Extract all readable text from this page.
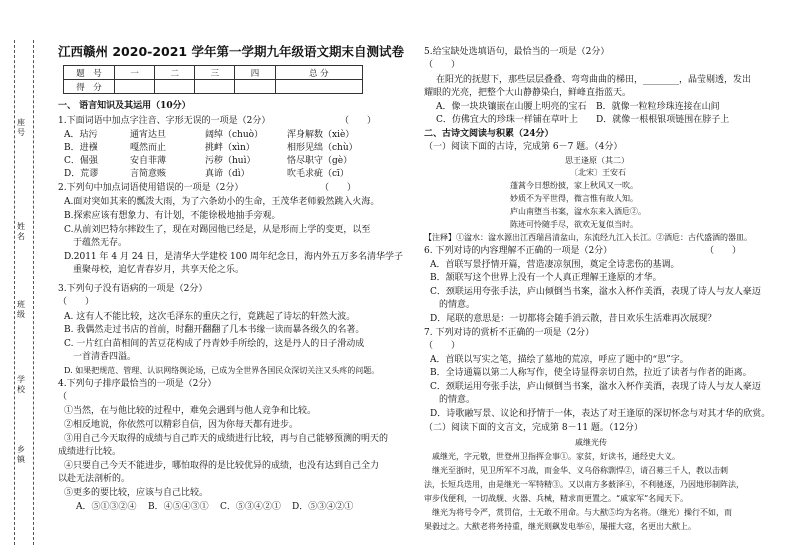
座号
姓名
班级
学校
乡镇
江西赣州 2020-2021 学年第一学期九年级语文期末自测试卷
题　号	一	二	三	四	总 分
得　分					
一、 语言知识及其运用（10分）
1.下面词语中加点字注音、字形无误的一项是（2分）	（　　）
A．玷污	通宵达旦	阔绰（chuò）	浑身解数（xiè）
B．进襁	嘎然而止	挑衅（xìn）	相形见绌（chù）
C．倔强	安自菲薄	污秽（huì）	恪尽职守（gè）
D．荒谬	言简意赅	真谛（dì）	吹毛求疵（cī）
2.下列句中加点词语使用错误的一项是（2分）	（　　）
A.面对突如其来的瓢泼大雨，为了六条幼小的生命，王茂华老师毅然跳入火海。
B.探索应该有想象力、有计划，不能徐极地抽手旁观。
C.从前刘巴特尔摔跤生了，现在对踢园他已经是，从是形而上学的变更，以至
　于蕴然无存。
D.2011 年 4 月 24 日，是清华大学建校 100 周年纪念日，海内外五万多名清华学子
　重聚母校，追忆青春岁月，共享天伦之乐。
3.下列句子没有语病的一项是（2分）
（　　）
A. 这有人不能比较，这次毛泽东的重庆之行，竟跳起了诗坛的轩然大波。
B. 我偶然走过书店的首前，时翻开翻翻了几本书缘一读而暴各级久的名著。
C. 一片红白苗相间的苦豆花构成了丹青妙手所绘的，这是丹人的日子滑动成
　一首清香四溢。
D. 如果把规范、管理、认识网络舆论场，已成为全世界各国民众深切关注又头疼的问题。
4.下列句子排序最恰当的一项是（2分）
（
①当然，在与他比较的过程中，难免会遇到与他人竞争和比较。
②相反地说，你依然可以精彩自信，因为你每天都有进步。
③用自己今天取得的成绩与自己昨天的成绩进行比较，再与自己能够预测的明天的
成绩进行比较。
④只要自己今天不能进步，哪怕取得的是比较优异的成绩，也没有达到自己全力
以赴无法剖析的。
⑤更多的要比较，应该与自己比较。
A．⑤①③②④ B．④⑤④③① C．⑤③④②① D．⑤③④②①
5.给宝缺处选填语句，最恰当的一项是（2分）
（　　）
在阳光的抚慰下，那些层层叠叠、弯弯曲曲的梯田，________，晶莹剔透，发出
耀眼的光亮，把整个大山静静染白，鲜峰直指蓝天。
A．像一块块镶嵌在山腰上明亮的宝石 B．就像一粒粒珍珠连接在山间
C．仿佛宜大的珍珠一样铺在草叶上 D．就像一根根银项链围在脖子上
二、古诗文阅读与积累（24分）
（一）阅读下面的古诗，完成第 6－7 题。（4分）
思王逢原（其二）
〔北宋〕王安石
蓬蒿今日想纷披，家上秋风又一吹。
妙质不为平世得，微言惟有故人知。
庐山南堕当书案，湓水东来入酒卮②。
陈迹可怜随手尽，欲欢无复似当时。
【注释】①湓水：湓水源出江西瑞昌清盆山，东流经九江入长江。②酒卮：古代盛酒的器皿。
6. 下列对诗的内容理解不正确的一项是（2分）	（　　）
A．首联写景抒情开篇，营造凄凉氛围，奠定全诗悲伤的基调。
B．颔联写这个世界上没有一个人真正理解王逢原的才华。
C．颈联运用夸张手法，庐山倾倒当书案，湓水入杯作美酒，表现了诗人与友人豪迈
　的情意。
D．尾联的意思是：一切都将会随手消云散，昔日欢乐生活难再次展现？
7. 下列对诗的赏析不正确的一项是（2分）
（　　）
A．首联以写实之笔，描绘了墓地的荒凉，呼应了题中的“思”字。
B．全诗通篇以第二人称写作，使全诗显得亲切自然，拉近了读者与作者的距离。
C．颈联运用夸张手法，庐山倾倒当书案，湓水入杯作美酒，表现了诗人与友人豪迈
　的情意。
D．诗歌融写景、议论和抒情于一体，表达了对王逢原的深切怀念与对其才华的欣赏。
（二）阅读下面的文言文，完成第 8－11 题。（12分）
戚继光传
　戚继光，字元敬，世登州卫指挥佥事①。家贫，好读书，通经史大义。
　继光至浙时，见卫所军不习战，而金华、义乌俗称剽悍②，请召募三千人，教以击刺
法，长短兵迭用，由是继光一军特精③。又以南方多薮泽④，不利驰逐，乃因地形制阵法，
审步伐便利，一切战舰、火器、兵械，精求而更置之。“戚家军”名闻天下。
　继光为将号令严，赏罚信，士无敢不用命。与大猷⑤均为名将。（继光）操行不如，而
果毅过之。大猷老将务持重，继光则飙发电举⑥，屡摧大寇，名更出大猷上。
